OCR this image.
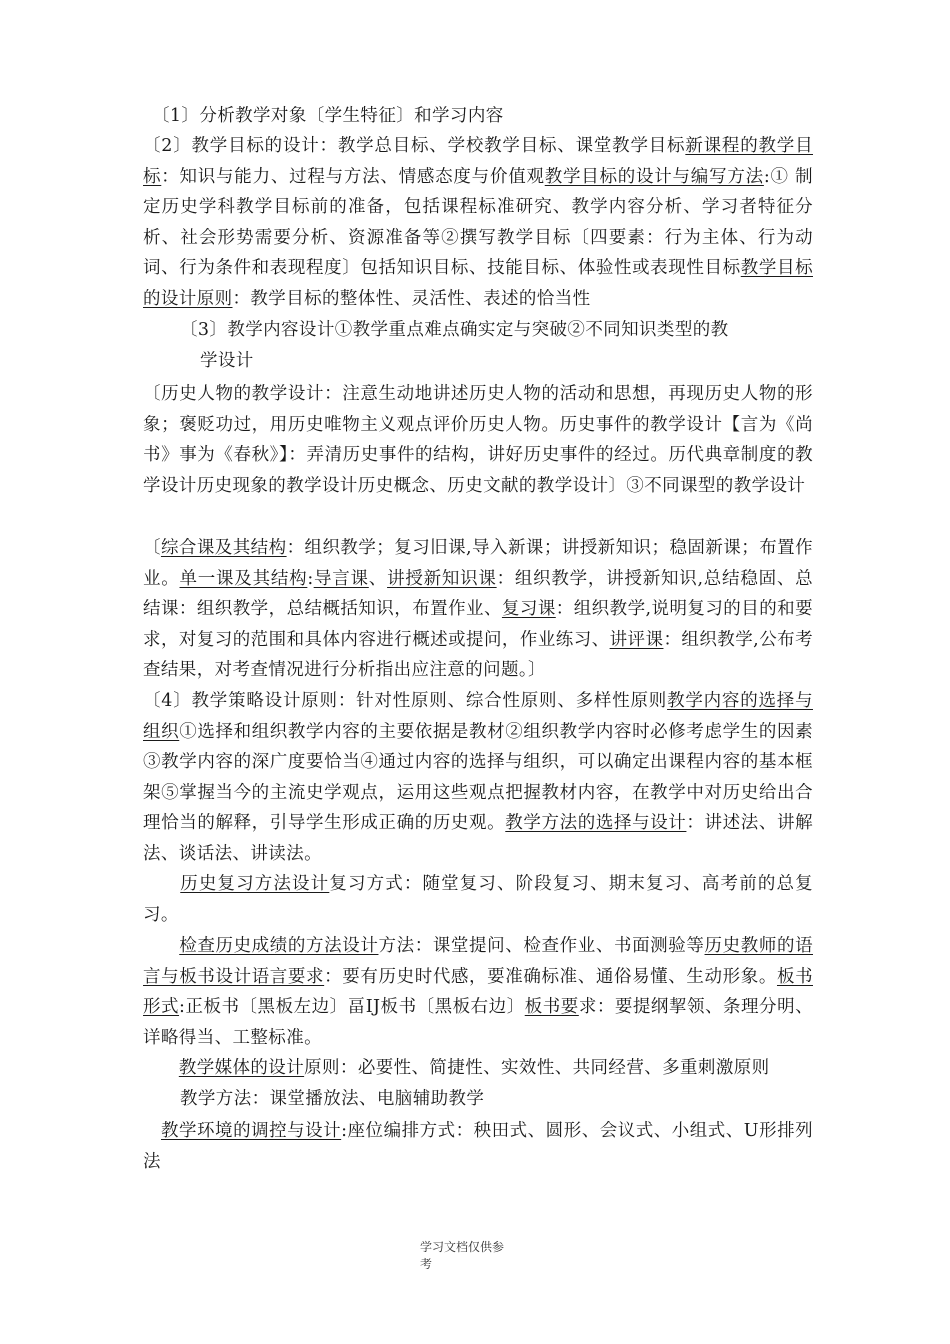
〔1〕分析教学对象〔学生特征〕和学习内容

〔2〕教学目标的设计：教学总目标、学校教学目标、课堂教学目标新课程的教学目标：知识与能力、过程与方法、情感态度与价值观教学目标的设计与编写方法:① 制定历史学科教学目标前的准备，包括课程标准研究、教学内容分析、学习者特征分析、社会形势需要分析、资源准备等②撰写教学目标〔四要素：行为主体、行为动词、行为条件和表现程度〕包括知识目标、技能目标、体验性或表现性目标教学目标的设计原则：教学目标的整体性、灵活性、表述的恰当性

〔3〕教学内容设计①教学重点难点确实定与突破②不同知识类型的教

学设计

〔历史人物的教学设计：注意生动地讲述历史人物的活动和思想，再现历史人物的形象；褒贬功过，用历史唯物主义观点评价历史人物。历史事件的教学设计【言为《尚书》事为《春秋》】：弄清历史事件的结构，讲好历史事件的经过。历代典章制度的教学设计历史现象的教学设计历史概念、历史文献的教学设计〕③不同课型的教学设计

〔综合课及其结构：组织教学；复习旧课,导入新课；讲授新知识；稳固新课；布置作业。单一课及其结构:导言课、讲授新知识课：组织教学，讲授新知识,总结稳固、总结课：组织教学，总结概括知识，布置作业、复习课：组织教学,说明复习的目的和要求，对复习的范围和具体内容进行概述或提问，作业练习、讲评课：组织教学,公布考查结果，对考查情况进行分析指出应注意的问题。〕

〔4〕教学策略设计原则：针对性原则、综合性原则、多样性原则教学内容的选择与组织①选择和组织教学内容的主要依据是教材②组织教学内容时必修考虑学生的因素③教学内容的深广度要恰当④通过内容的选择与组织，可以确定出课程内容的基本框架⑤掌握当今的主流史学观点，运用这些观点把握教材内容，在教学中对历史给出合理恰当的解释，引导学生形成正确的历史观。教学方法的选择与设计：讲述法、讲解法、谈话法、讲读法。

　　历史复习方法设计复习方式：随堂复习、阶段复习、期末复习、高考前的总复习。

　　检查历史成绩的方法设计方法：课堂提问、检查作业、书面测验等历史教师的语言与板书设计语言要求：要有历史时代感，要准确标准、通俗易懂、生动形象。板书形式:正板书〔黑板左边〕畐IJ板书〔黑板右边〕板书要求：要提纲挈领、条理分明、详略得当、工整标准。

　　教学媒体的设计原则：必要性、简捷性、实效性、共同经营、多重刺激原则

教学方法：课堂播放法、电脑辅助教学

　教学环境的调控与设计:座位编排方式：秧田式、圆形、会议式、小组式、U形排列法

学习文档仅供参
考
